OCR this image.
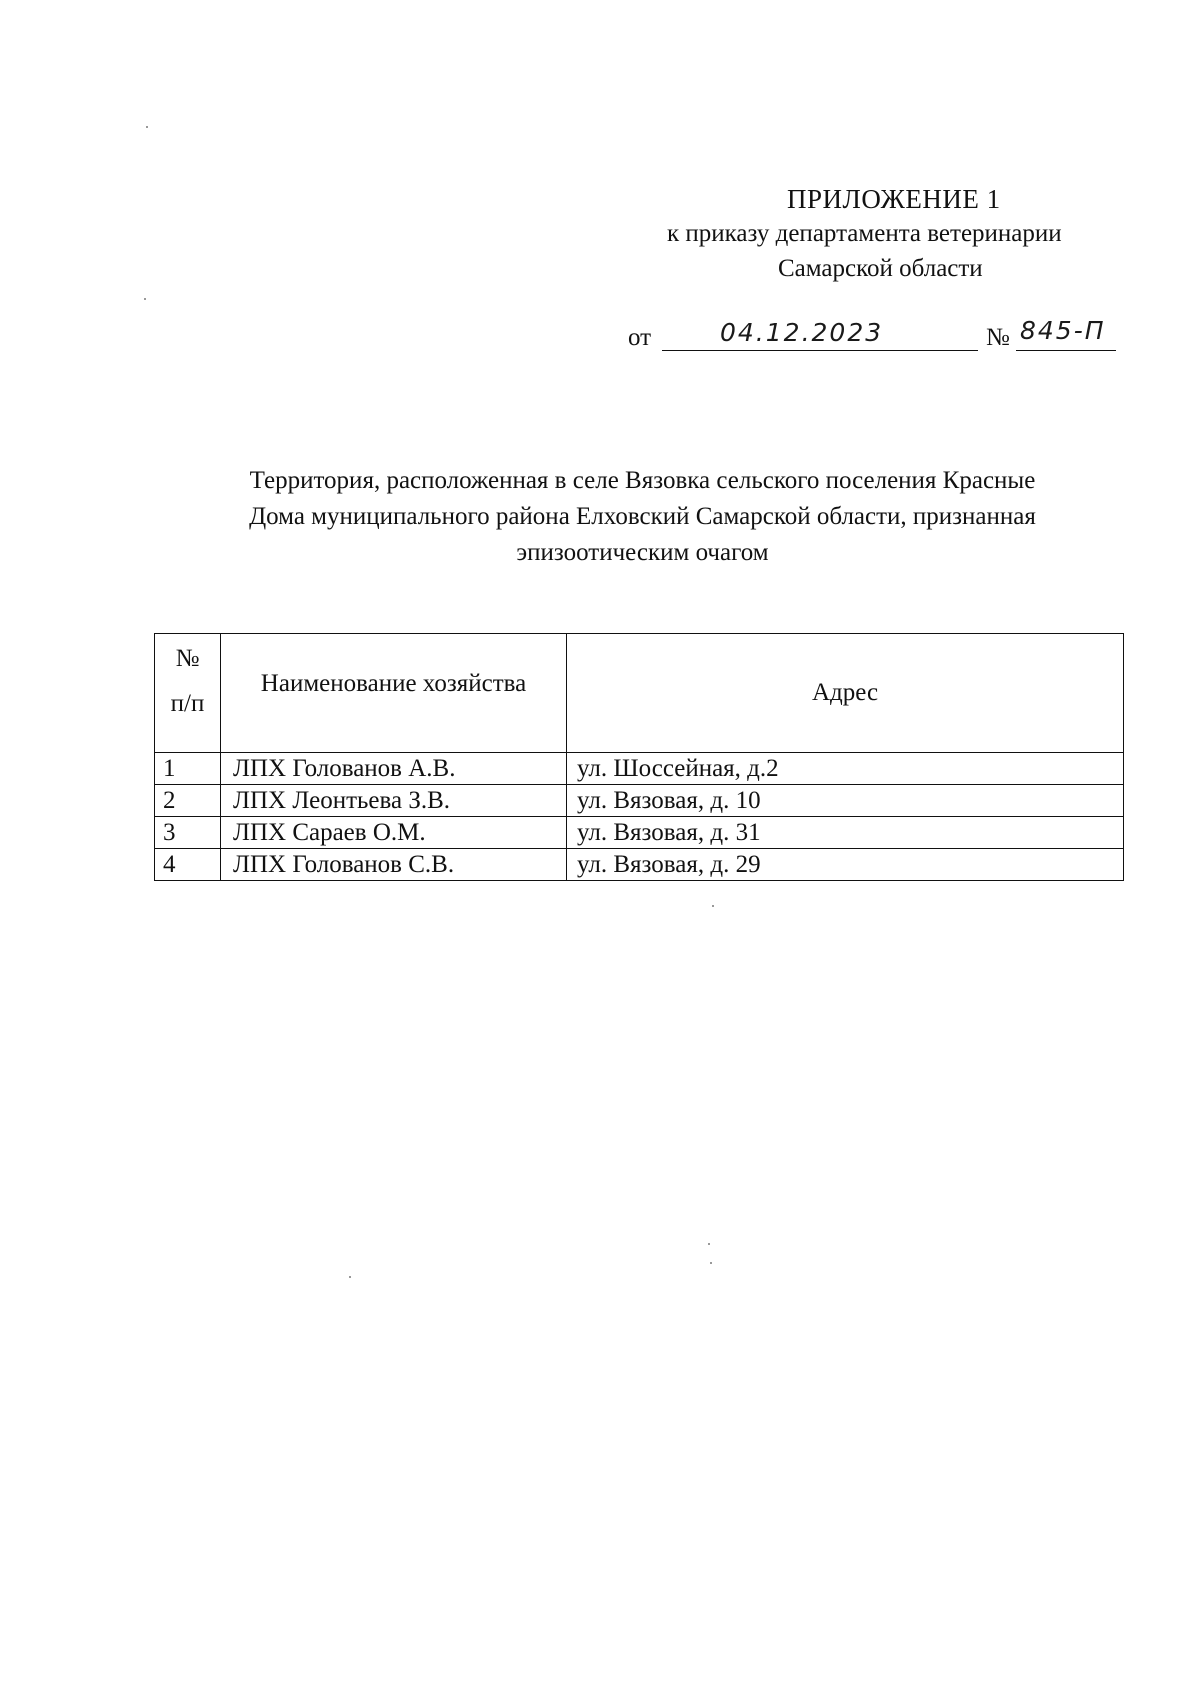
ПРИЛОЖЕНИЕ 1
к приказу департамента ветеринарии
Самарской области
от	04.12.2023	№ 845-П
Территория, расположенная в селе Вязовка сельского поселения Красные
Дома муниципального района Елховский Самарской области, признанная
эпизоотическим очагом
№
п/п	Наименование хозяйства	Адрес
1	ЛПХ Голованов А.В.	ул. Шоссейная, д.2
2	ЛПХ Леонтьева З.В.	ул. Вязовая, д. 10
3	ЛПХ Сараев О.М.	ул. Вязовая, д. 31
4	ЛПХ Голованов С.В.	ул. Вязовая, д. 29
